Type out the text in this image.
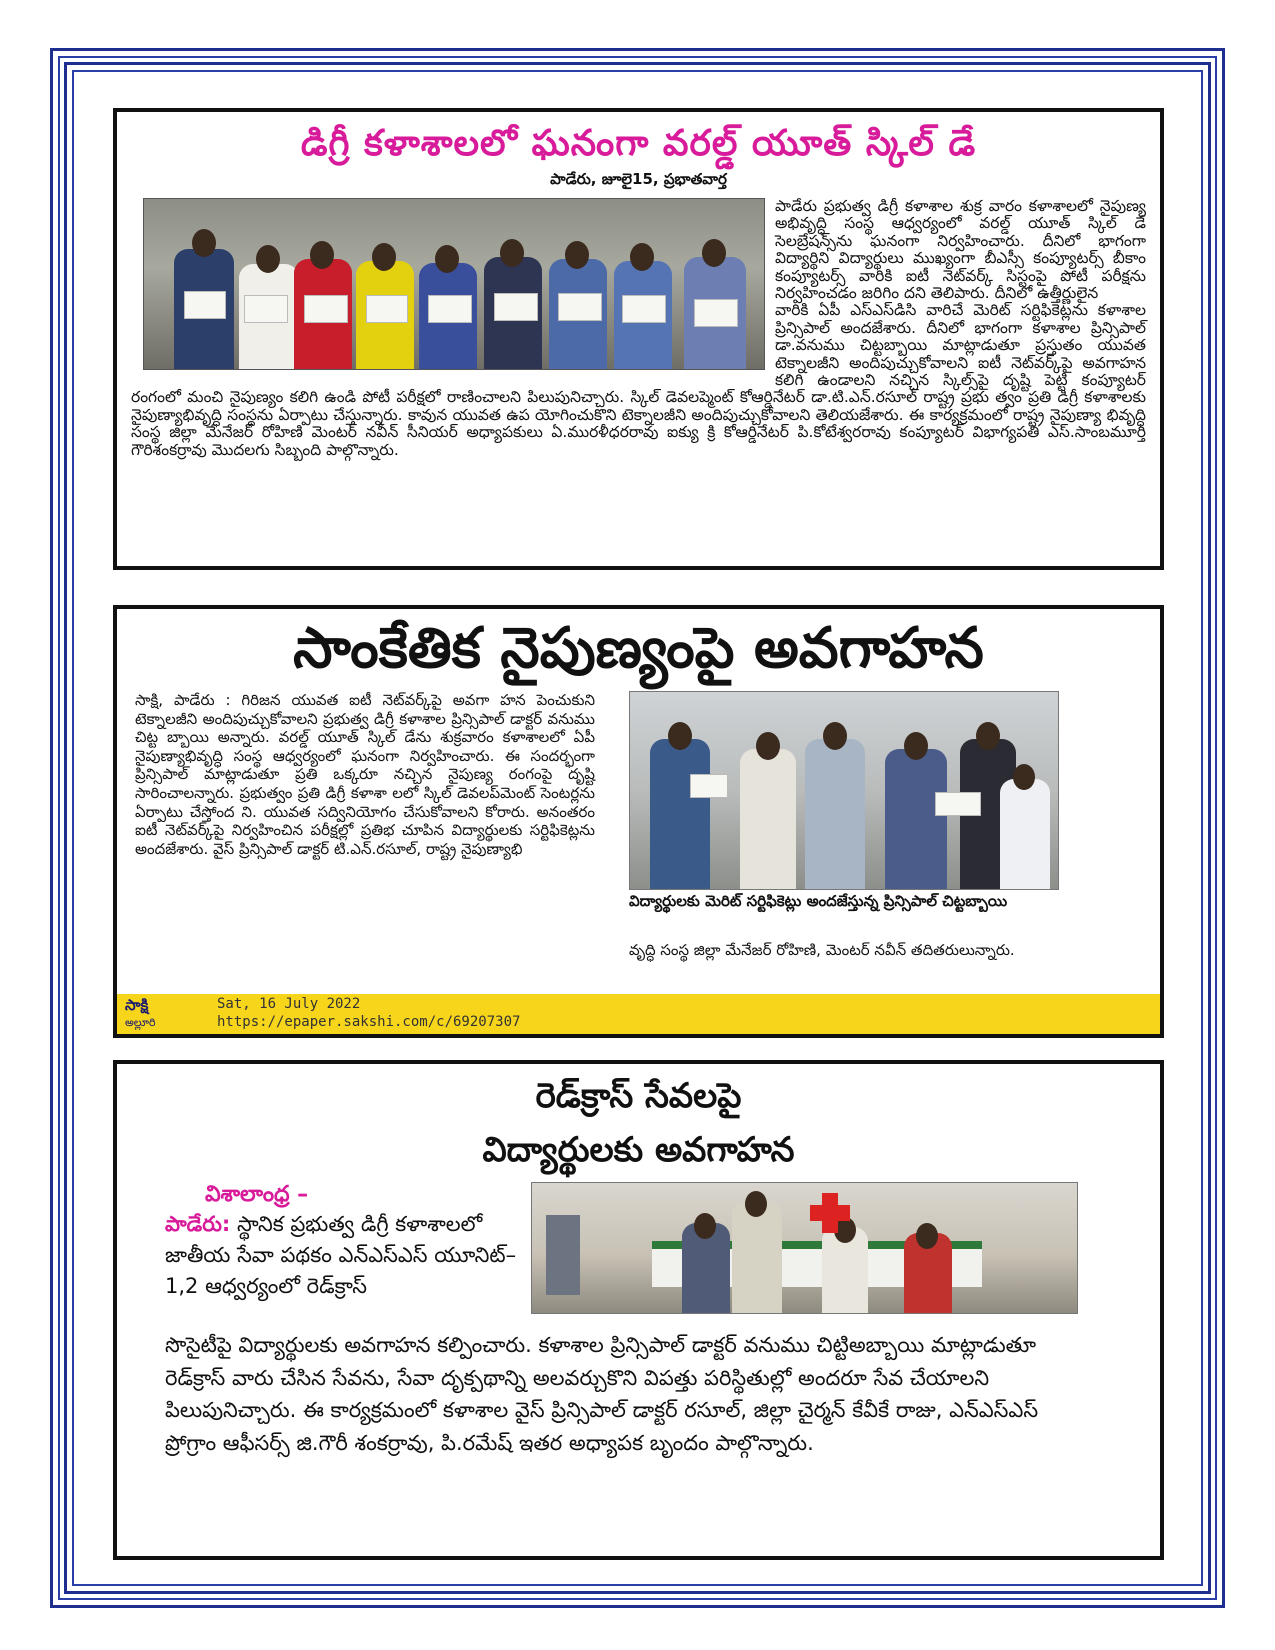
డిగ్రీ కళాశాలలో ఘనంగా వరల్డ్ యూత్ స్కిల్ డే
పాడేరు, జూలై15, ప్రభాతవార్త

పాడేరు ప్రభుత్వ డిగ్రీ కళాశాల శుక్ర వారం కళాశాలలో నైపుణ్య అభివృద్ధి సంస్థ ఆధ్వర్యంలో వరల్డ్ యూత్ స్కిల్ డే సెలబ్రేషన్స్‌ను ఘనంగా నిర్వహించారు. దీనిలో భాగంగా విద్యార్థిని విద్యార్థులు ముఖ్యంగా బీఎస్సీ కంప్యూటర్స్ బీకాం కంప్యూటర్స్ వారికి ఐటీ నెట్‌వర్క్ సిస్టంపై పోటీ పరీక్షను నిర్వహించడం జరిగిం దని తెలిపారు. దీనిలో ఉత్తీర్ణులైన

వారికి ఏపీ ఎస్ఎస్‌డిసి వారిచే మెరిట్ సర్టిఫికెట్లను కళాశాల ప్రిన్సిపాల్ అందజేశారు. దీనిలో భాగంగా కళాశాల ప్రిన్సిపాల్ డా.వనుము చిట్టబ్బాయి మాట్లాడుతూ ప్రస్తుతం యువత టెక్నాలజీని అందిపుచ్చుకోవాలని ఐటీ నెట్‌వర్క్‌పై అవగాహన కలిగి ఉండాలని నచ్చిన స్కిల్స్‌పై దృష్టి పెట్టి కంప్యూటర్ రంగంలో మంచి నైపుణ్యం కలిగి ఉండి పోటీ పరీక్షలో రాణించాలని పిలుపునిచ్చారు. స్కిల్ డెవలప్మెంట్ కోఆర్డినేటర్ డా.టి.ఎన్.రసూల్ రాష్ట్ర ప్రభు త్వం ప్రతి డిగ్రీ కళాశాలకు నైపుణ్యాభివృద్ధి సంస్థను ఏర్పాటు చేస్తున్నారు. కావున యువత ఉప యోగించుకొని టెక్నాలజీని అందిపుచ్చుకోవాలని తెలియజేశారు. ఈ కార్యక్రమంలో రాష్ట్ర నైపుణ్యా భివృద్ధి సంస్థ జిల్లా మేనేజర్ రోహిణి మెంటర్ నవీన్ సీనియర్ అధ్యాపకులు ఏ.మురళీధరరావు ఐక్యు క్రి కోఆర్డినేటర్ పి.కోటేశ్వరరావు కంప్యూటర్ విభాగ్యపతి ఎస్.సాంబమూర్తి గౌరిశంకర్రావు మొదలగు సిబ్బంది పాల్గొన్నారు.

సాంకేతిక నైపుణ్యంపై అవగాహన
సాక్షి, పాడేరు : గిరిజన యువత ఐటీ నెట్‌వర్క్‌పై అవగా హన పెంచుకుని టెక్నాలజీని అందిపుచ్చుకోవాలని ప్రభుత్వ డిగ్రీ కళాశాల ప్రిన్సిపాల్ డాక్టర్ వనుము చిట్ట బ్బాయి అన్నారు. వరల్డ్ యూత్ స్కిల్ డేను శుక్రవారం కళాశాలలో ఏపీ నైపుణ్యాభివృద్ధి సంస్థ ఆధ్వర్యంలో ఘనంగా నిర్వహించారు. ఈ సందర్భంగా ప్రిన్సిపాల్ మాట్లాడుతూ ప్రతి ఒక్కరూ నచ్చిన నైపుణ్య రంగంపై దృష్టి సారించాలన్నారు. ప్రభుత్వం ప్రతి డిగ్రీ కళాశా లలో స్కిల్ డెవలప్‌మెంట్ సెంటర్లను ఏర్పాటు చేస్తోంద ని. యువత సద్వినియోగం చేసుకోవాలని కోరారు. అనంతరం ఐటీ నెట్‌వర్క్‌పై నిర్వహించిన పరీక్షల్లో ప్రతిభ చూపిన విద్యార్థులకు సర్టిఫికెట్లను అందజేశారు. వైస్ ప్రిన్సిపాల్ డాక్టర్ టి.ఎన్.రసూల్, రాష్ట్ర నైపుణ్యాభి
విద్యార్థులకు మెరిట్ సర్టిఫికెట్లు అందజేస్తున్న ప్రిన్సిపాల్ చిట్టబ్బాయి
వృద్ధి సంస్థ జిల్లా మేనేజర్ రోహిణి, మెంటర్ నవీన్ తదితరులున్నారు.
సాక్షి
అల్లూరి
Sat, 16 July 2022
https://epaper.sakshi.com/c/69207307
రెడ్‌క్రాస్ సేవలపై
విద్యార్థులకు అవగాహన
విశాలాంధ్ర –
పాడేరు: స్థానిక ప్రభుత్వ డిగ్రీ కళాశాలలో జాతీయ సేవా పథకం ఎన్ఎస్ఎస్ యూనిట్–1,2 ఆధ్వర్యంలో రెడ్‌క్రాస్
సొసైటీపై విద్యార్థులకు అవగాహన కల్పించారు. కళాశాల ప్రిన్సిపాల్ డాక్టర్ వనుము చిట్టిఅబ్బాయి మాట్లాడుతూ రెడ్‌క్రాస్ వారు చేసిన సేవను, సేవా దృక్పథాన్ని అలవర్చుకొని విపత్తు పరిస్థితుల్లో అందరూ సేవ చేయాలని పిలుపునిచ్చారు. ఈ కార్యక్రమంలో కళాశాల వైస్ ప్రిన్సిపాల్ డాక్టర్ రసూల్, జిల్లా చైర్మన్ కేవీకే రాజు, ఎన్ఎస్ఎస్ ప్రోగ్రాం ఆఫీసర్స్ జి.గౌరీ శంకర్రావు, పి.రమేష్ ఇతర అధ్యాపక బృందం పాల్గొన్నారు.
